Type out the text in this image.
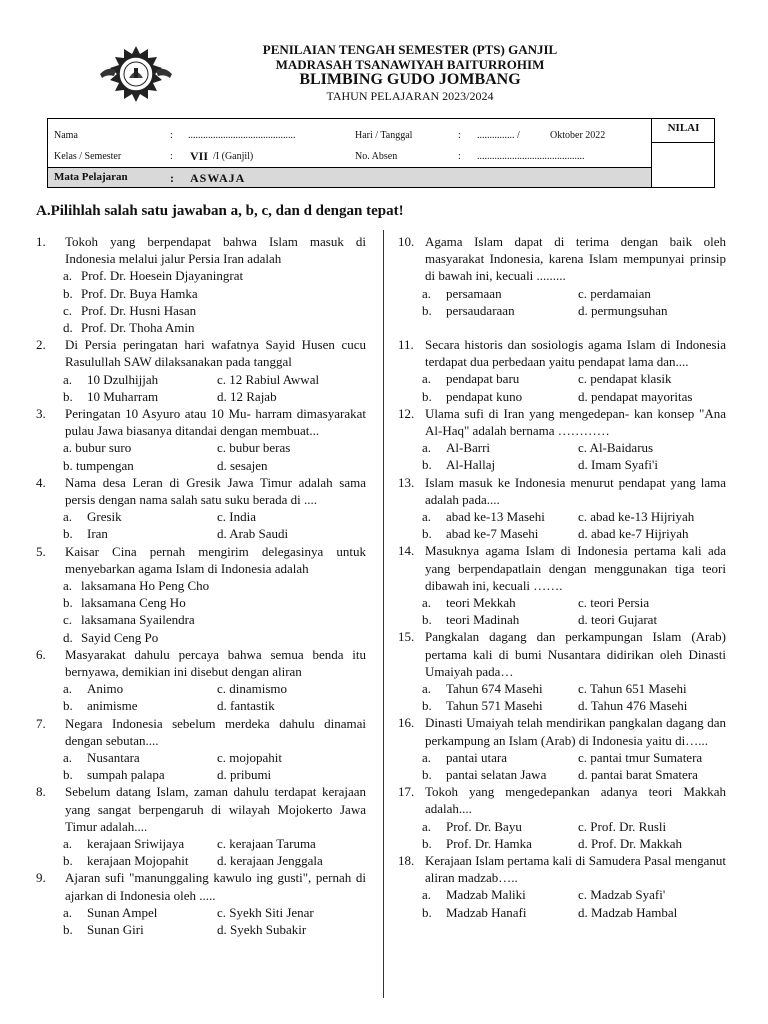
PENILAIAN TENGAH SEMESTER (PTS) GANJIL
MADRASAH TSANAWIYAH BAITURROHIM
BLIMBING GUDO JOMBANG
TAHUN PELAJARAN 2023/2024
NILAI
Nama	: ...........................................	Hari / Tanggal	: ............... /	Oktober 2022
Kelas / Semester	: VII /I (Ganjil)	No. Absen	: ...........................................
Mata Pelajaran	: ASWAJA
A.Pilihlah salah satu jawaban a, b, c, dan d dengan tepat!
1. Tokoh yang berpendapat bahwa Islam masuk di Indonesia melalui jalur Persia Iran adalah
a. Prof. Dr. Hoesein Djayaningrat
b. Prof. Dr. Buya Hamka
c. Prof. Dr. Husni Hasan
d. Prof. Dr. Thoha Amin
2. Di Persia peringatan hari wafatnya Sayid Husen cucu Rasulullah SAW dilaksanakan pada tanggal
a. 10 Dzulhijjah	c. 12 Rabiul Awwal
b. 10 Muharram	d. 12 Rajab
3. Peringatan 10 Asyuro atau 10 Mu- harram dimasyarakat pulau Jawa biasanya ditandai dengan membuat...
a. bubur suro	c. bubur beras
b. tumpengan	d. sesajen
4. Nama desa Leran di Gresik Jawa Timur adalah sama persis dengan nama salah satu suku berada di ....
a. Gresik	c. India
b. Iran	d. Arab Saudi
5. Kaisar Cina pernah mengirim delegasinya untuk menyebarkan agama Islam di Indonesia adalah
a. laksamana Ho Peng Cho
b. laksamana Ceng Ho
c. laksamana Syailendra
d. Sayid Ceng Po
6. Masyarakat dahulu percaya bahwa semua benda itu bernyawa, demikian ini disebut dengan aliran
a. Animo	c. dinamismo
b. animisme	d. fantastik
7. Negara Indonesia sebelum merdeka dahulu dinamai dengan sebutan....
a. Nusantara	c. mojopahit
b. sumpah palapa	d. pribumi
8. Sebelum datang Islam, zaman dahulu terdapat kerajaan yang sangat berpengaruh di wilayah Mojokerto Jawa Timur adalah....
a. kerajaan Sriwijaya	c. kerajaan Taruma
b. kerajaan Mojopahit d. kerajaan Jenggala
9. Ajaran sufi "manunggaling kawulo ing gusti", pernah di ajarkan di Indonesia oleh .....
a. Sunan Ampel	c. Syekh Siti Jenar
b. Sunan Giri	d. Syekh Subakir
10. Agama Islam dapat di terima dengan baik oleh masyarakat Indonesia, karena Islam mempunyai prinsip di bawah ini, kecuali .........
a. persamaan	c. perdamaian
b. persaudaraan	d. permungsuhan
11. Secara historis dan sosiologis agama Islam di Indonesia terdapat dua perbedaan yaitu pendapat lama dan....
a. pendapat baru	c. pendapat klasik
b. pendapat kuno	d. pendapat mayoritas
12. Ulama sufi di Iran yang mengedepan- kan konsep "Ana Al-Haq" adalah bernama …………
a. Al-Barri	c. Al-Baidarus
b. Al-Hallaj	d. Imam Syafi'i
13. Islam masuk ke Indonesia menurut pendapat yang lama adalah pada....
a. abad ke-13 Masehi	c. abad ke-13 Hijriyah
b. abad ke-7 Masehi	d. abad ke-7 Hijriyah
14. Masuknya agama Islam di Indonesia pertama kali ada yang berpendapatlain dengan menggunakan tiga teori dibawah ini, kecuali …….
a. teori Mekkah	c. teori Persia
b. teori Madinah	d. teori Gujarat
15. Pangkalan dagang dan perkampungan Islam (Arab) pertama kali di bumi Nusantara didirikan oleh Dinasti Umaiyah pada…
a. Tahun 674 Masehi	c. Tahun 651 Masehi
b. Tahun 571 Masehi	d. Tahun 476 Masehi
16. Dinasti Umaiyah telah mendirikan pangkalan dagang dan perkampung an Islam (Arab) di Indonesia yaitu di…...
a. pantai utara	c. pantai tmur Sumatera
b. pantai selatan Jawa d. pantai barat Smatera
17. Tokoh yang mengedepankan adanya teori Makkah adalah....
a. Prof. Dr. Bayu	c. Prof. Dr. Rusli
b. Prof. Dr. Hamka	d. Prof. Dr. Makkah
18. Kerajaan Islam pertama kali di Samudera Pasal menganut aliran madzab…..
a. Madzab Maliki	c. Madzab Syafi'
b. Madzab Hanafi	d. Madzab Hambal
